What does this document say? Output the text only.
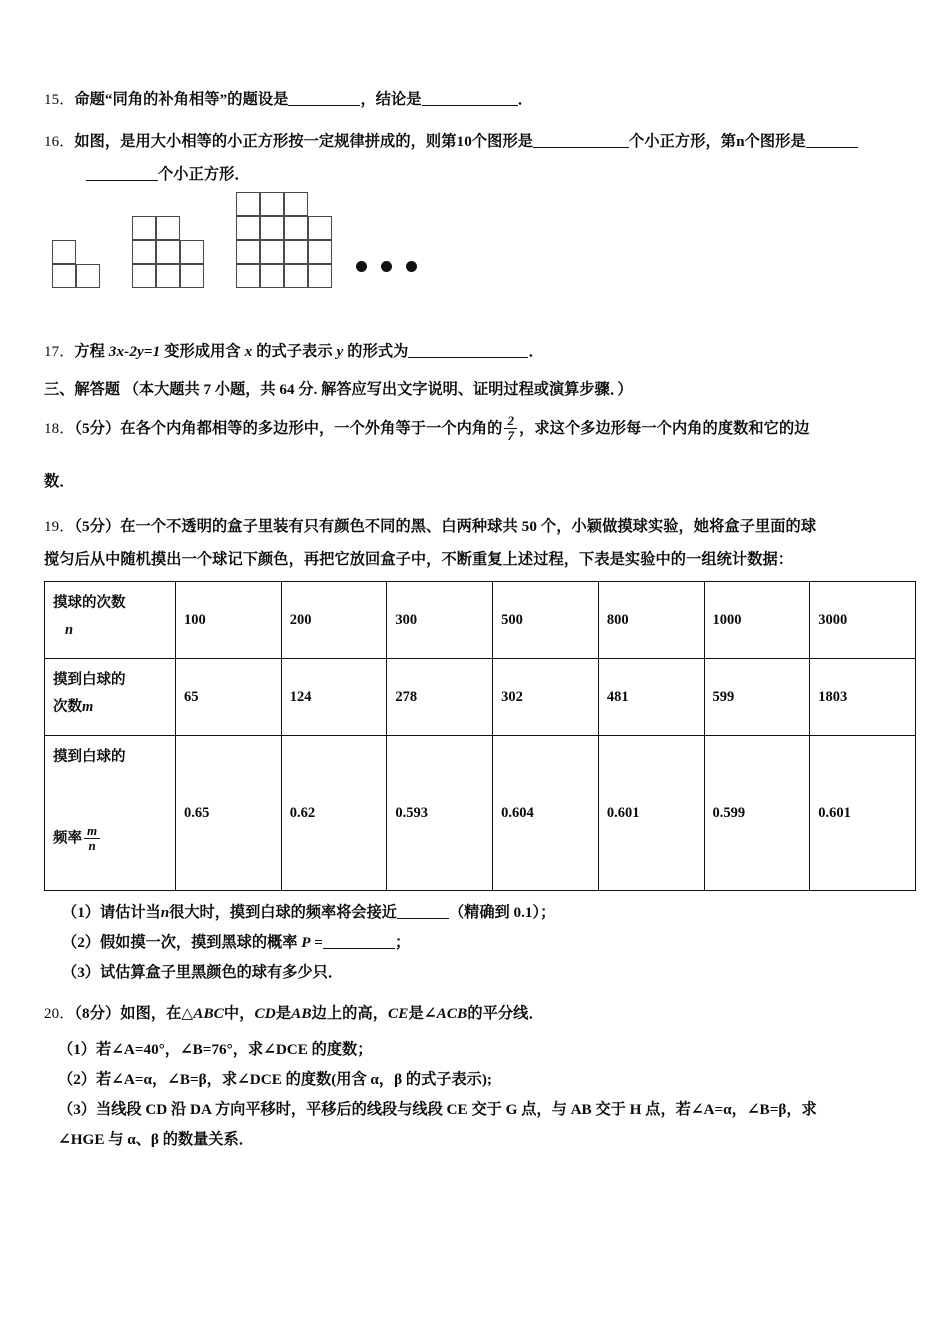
15．命题“同角的补角相等”的题设是	，结论是	．

16．如图，是用大小相等的小正方形按一定规律拼成的，则第10个图形是	个小正方形，第n个图形是
个小正方形．

17．方程 3x-2y=1 变形成用含 x 的式子表示 y 的形式为	．

三、解答题 （本大题共 7 小题，共 64 分. 解答应写出文字说明、证明过程或演算步骤．）

18．（5分）在各个内角都相等的多边形中，一个外角等于一个内角的 $\frac{2}{7}$ ，求这个多边形每一个内角的度数和它的边

数．

19．（5分）在一个不透明的盒子里装有只有颜色不同的黑、白两种球共 50 个，小颖做摸球实验，她将盒子里面的球

搅匀后从中随机摸出一个球记下颜色，再把它放回盒子中，不断重复上述过程，下表是实验中的一组统计数据：

摸球的次数
n	100	200	300	500	800	1000	3000

摸到白球的
次数m	65	124	278	302	481	599	1803

摸到白球的
频率 $\frac{m}{n}$	0.65	0.62	0.593	0.604	0.601	0.599	0.601

（1）请估计当n很大时，摸到白球的频率将会接近	（精确到 0.1）；

（2）假如摸一次，摸到黑球的概率 P =	；

（3）试估算盒子里黑颜色的球有多少只．

20．（8分）如图，在△ABC中，CD是AB边上的高，CE是∠ACB的平分线．

（1）若∠A=40°，∠B=76°，求∠DCE 的度数；

（2）若∠A=α，∠B=β，求∠DCE 的度数(用含 α，β 的式子表示);

（3）当线段 CD 沿 DA 方向平移时，平移后的线段与线段 CE 交于 G 点，与 AB 交于 H 点，若∠A=α，∠B=β，求

∠HGE 与 α、β 的数量关系．
